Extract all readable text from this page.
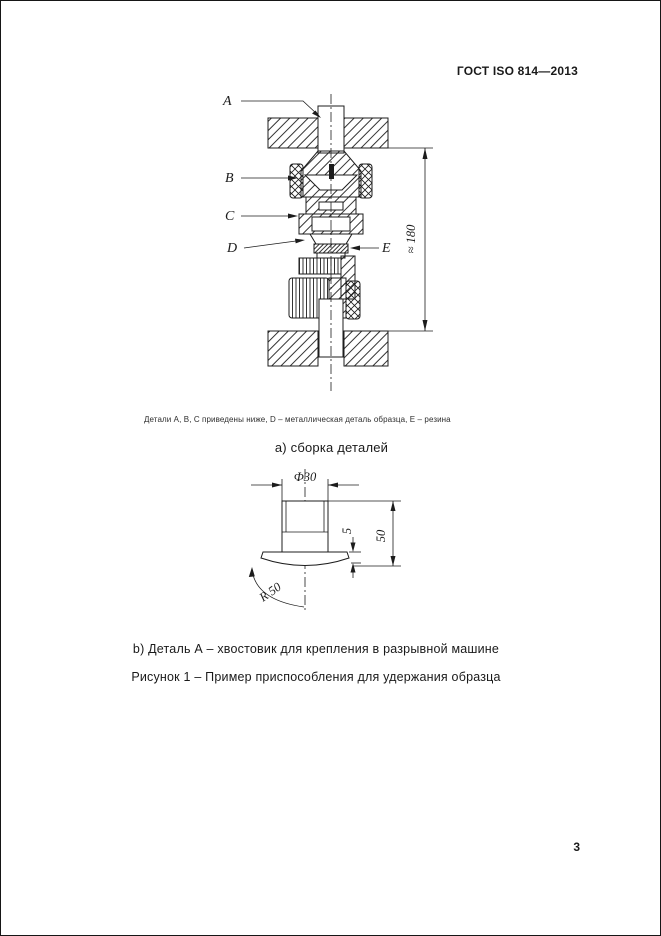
ГОСТ ISO 814—2013
≈ 180
A
B
C
D	E
Детали А, В, С приведены ниже, D – металлическая деталь образца, Е – резина
а) сборка деталей
Ф30
R 50
5 50
b) Деталь А – хвостовик для крепления в разрывной машине
Рисунок 1 – Пример приспособления для удержания образца
3
